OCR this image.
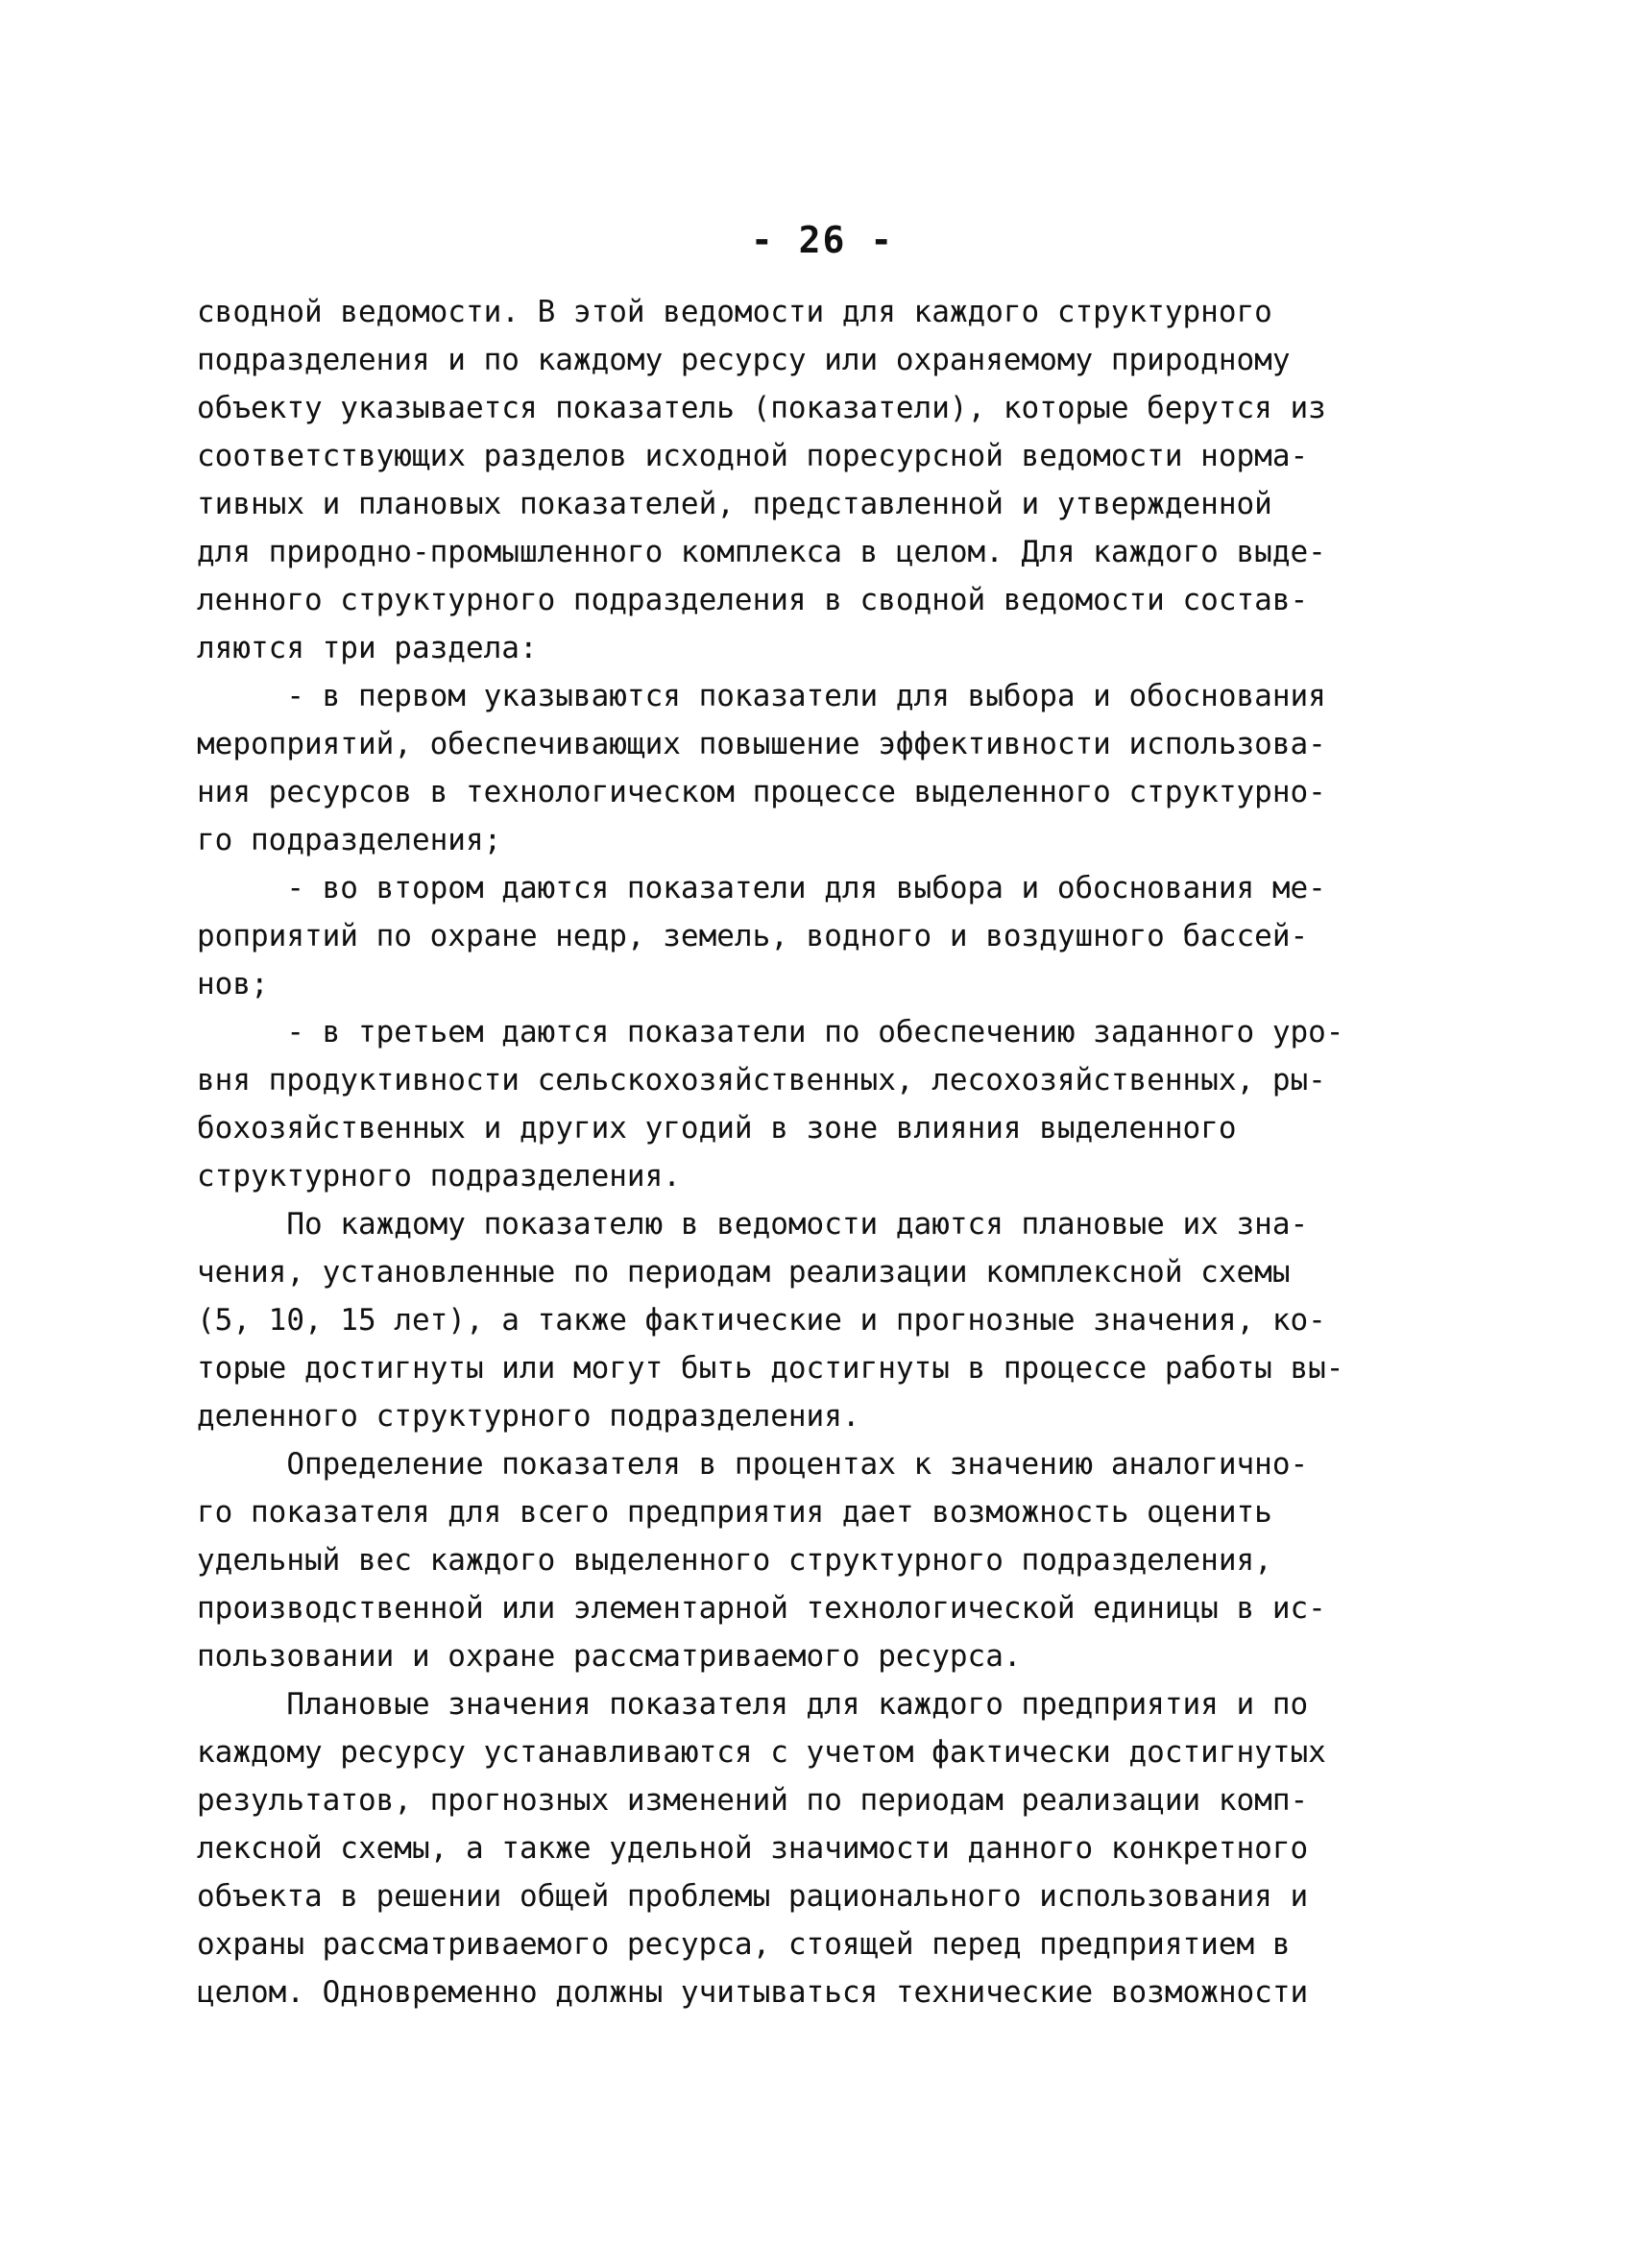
- 26 -
сводной ведомости. В этой ведомости для каждого структурного
подразделения и по каждому ресурсу или охраняемому природному
объекту указывается показатель (показатели), которые берутся из
соответствующих разделов исходной поресурсной ведомости норма-
тивных и плановых показателей, представленной и утвержденной
для природно-промышленного комплекса в целом. Для каждого выде-
ленного структурного подразделения в сводной ведомости состав-
ляются три раздела:
- в первом указываются показатели для выбора и обоснования
мероприятий, обеспечивающих повышение эффективности использова-
ния ресурсов в технологическом процессе выделенного структурно-
го подразделения;
- во втором даются показатели для выбора и обоснования ме-
роприятий по охране недр, земель, водного и воздушного бассей-
нов;
- в третьем даются показатели по обеспечению заданного уро-
вня продуктивности сельскохозяйственных, лесохозяйственных, ры-
бохозяйственных и других угодий в зоне влияния выделенного
структурного подразделения.
По каждому показателю в ведомости даются плановые их зна-
чения, установленные по периодам реализации комплексной схемы
(5, 10, 15 лет), а также фактические и прогнозные значения, ко-
торые достигнуты или могут быть достигнуты в процессе работы вы-
деленного структурного подразделения.
Определение показателя в процентах к значению аналогично-
го показателя для всего предприятия дает возможность оценить
удельный вес каждого выделенного структурного подразделения,
производственной или элементарной технологической единицы в ис-
пользовании и охране рассматриваемого ресурса.
Плановые значения показателя для каждого предприятия и по
каждому ресурсу устанавливаются с учетом фактически достигнутых
результатов, прогнозных изменений по периодам реализации комп-
лексной схемы, а также удельной значимости данного конкретного
объекта в решении общей проблемы рационального использования и
охраны рассматриваемого ресурса, стоящей перед предприятием в
целом. Одновременно должны учитываться технические возможности
